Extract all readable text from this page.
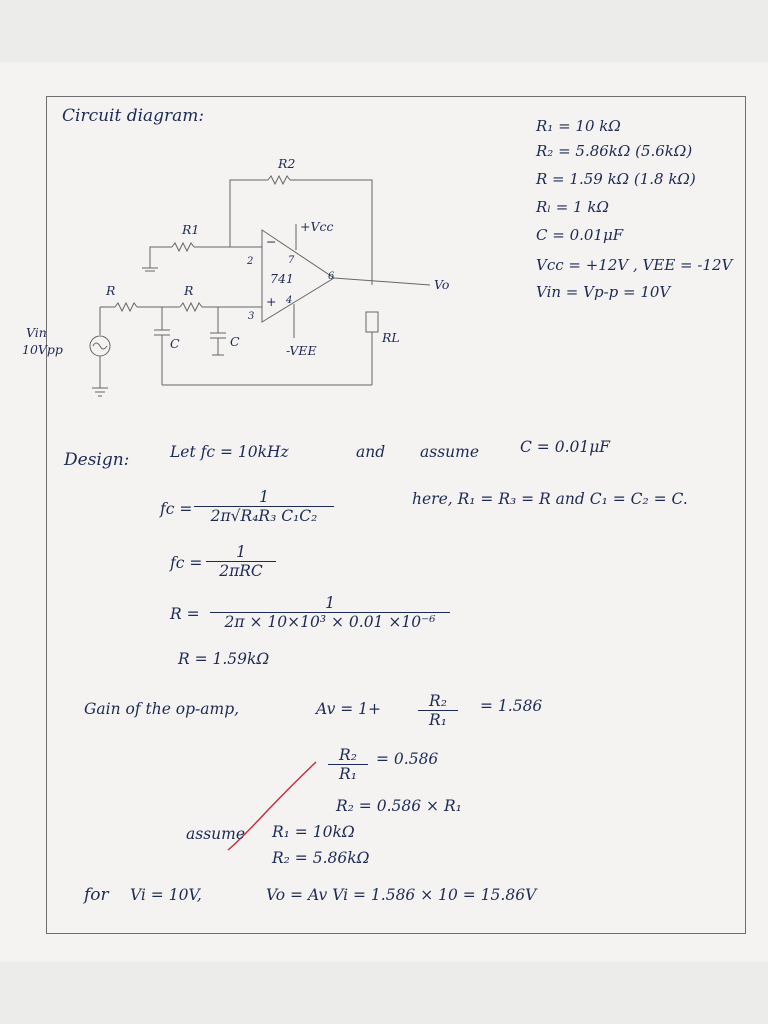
R2
R1
R	R
+Vcc
-VEE
741
2
3
6
7
4
−
+
C	C	RL
Vo
Vin
10Vpp
Circuit diagram:	R₁ = 10 kΩ
R₂ = 5.86kΩ (5.6kΩ)
R = 1.59 kΩ (1.8 kΩ)
Rₗ = 1 kΩ
C = 0.01μF
Vcc = +12V , VEE = -12V
Vin = Vp-p = 10V
Design:	Let fc = 10kHz	and assume	C = 0.01μF
here, R₁ = R₃ = R and C₁ = C₂ = C.
fc = $\frac{1}{\text{2π√R₄R₃ C₁C₂}}$
fc =
1
2πRC
$R = \frac{1}{\text{2π × 10×10³ × 0.01 ×10⁻⁶}}$
R = 1.59kΩ
Gain of the op-amp,	$Av = 1+ \frac{\text{R₂}}{\text{R₁}} = 1.586$
$\frac{\text{R₂}}{\text{R₁}} = 0.586$
R₂ = 0.586 × R₁
assume R₁ = 10kΩ
R₂ = 5.86kΩ
for Vi = 10V,	Vo = Av Vi = 1.586 × 10 = 15.86V
